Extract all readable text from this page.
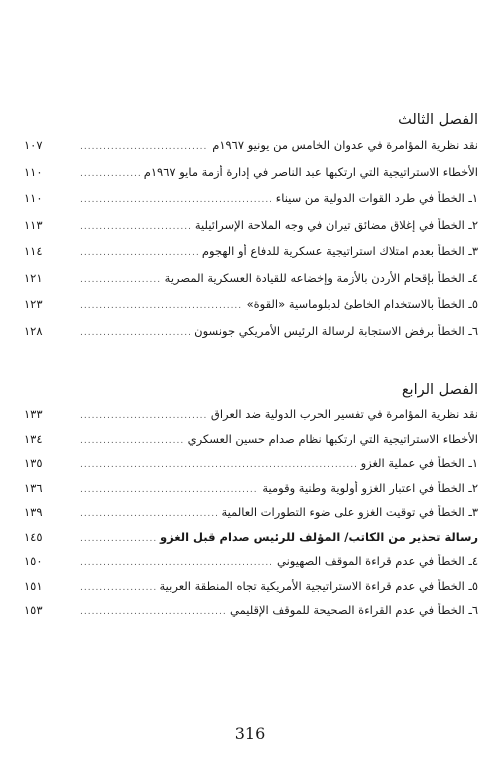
الفصل الثالث
١٠٧	نقد نظرية المؤامرة في عدوان الخامس من يونيو ١٩٦٧م
.....
١١٠	الأخطاء الاستراتيجية التي ارتكبها عبد الناصر في إدارة أزمة مايو ١٩٦٧م
.....
١١٠	١ـ الخطأ في طرد القوات الدولية من سيناء
.....
١١٣	٢ـ الخطأ في إغلاق مضائق تيران في وجه الملاحة الإسرائيلية
.....
١١٤	٣ـ الخطأ بعدم امتلاك استراتيجية عسكرية للدفاع أو الهجوم
.....
١٢١	٤ـ الخطأ بإقحام الأردن بالأزمة وإخضاعه للقيادة العسكرية المصرية
.....
١٢٣	٥ـ الخطأ بالاستخدام الخاطئ لدبلوماسية «القوة»
.....
١٢٨	٦ـ الخطأ برفض الاستجابة لرسالة الرئيس الأمريكي جونسون
.....
الفصل الرابع
١٣٣	نقد نظرية المؤامرة في تفسير الحرب الدولية ضد العراق
.....
١٣٤	الأخطاء الاستراتيجية التي ارتكبها نظام صدام حسين العسكري
.....
١٣٥	١ـ الخطأ في عملية الغزو
.....
١٣٦	٢ـ الخطأ في اعتبار الغزو أولوية وطنية وقومية
.....
١٣٩	٣ـ الخطأ في توقيت الغزو على ضوء التطورات العالمية
.....
١٤٥	رسالة تحذير من الكاتب/ المؤلف للرئيس صدام قبل الغزو
.....
١٥٠	٤ـ الخطأ في عدم قراءة الموقف الصهيوني
.....
١٥١	٥ـ الخطأ في عدم قراءة الاستراتيجية الأمريكية تجاه المنطقة العربية
.....
١٥٣	٦ـ الخطأ في عدم القراءة الصحيحة للموقف الإقليمي
.....
316
